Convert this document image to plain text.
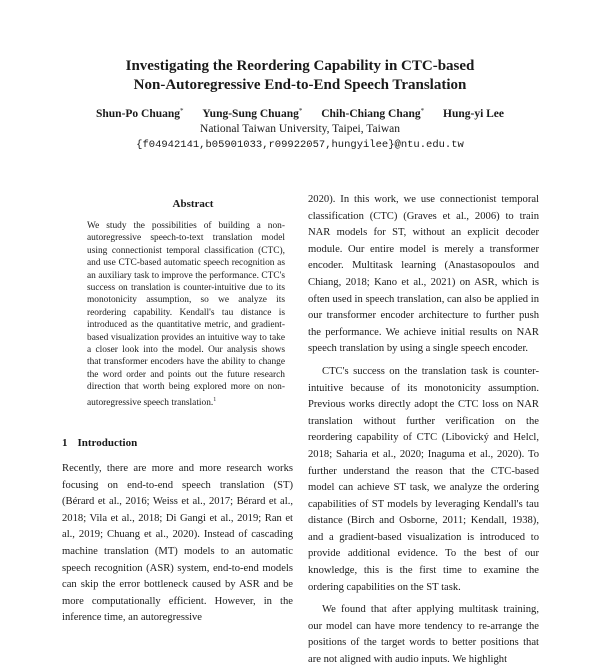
Investigating the Reordering Capability in CTC-based
Non-Autoregressive End-to-End Speech Translation
Shun-Po Chuang* Yung-Sung Chuang* Chih-Chiang Chang* Hung-yi Lee
National Taiwan University, Taipei, Taiwan
{f04942141,b05901033,r09922057,hungyilee}@ntu.edu.tw
Abstract
We study the possibilities of building a non-autoregressive speech-to-text translation model using connectionist temporal classification (CTC), and use CTC-based automatic speech recognition as an auxiliary task to improve the performance. CTC's success on translation is counter-intuitive due to its monotonicity assumption, so we analyze its reordering capability. Kendall's tau distance is introduced as the quantitative metric, and gradient-based visualization provides an intuitive way to take a closer look into the model. Our analysis shows that transformer encoders have the ability to change the word order and points out the future research direction that worth being explored more on non-autoregressive speech translation.$^1$
1 Introduction

Recently, there are more and more research works focusing on end-to-end speech translation (ST) (Bérard et al., 2016; Weiss et al., 2017; Bérard et al., 2018; Vila et al., 2018; Di Gangi et al., 2019; Ran et al., 2019; Chuang et al., 2020). Instead of cascading machine translation (MT) models to an automatic speech recognition (ASR) system, end-to-end models can skip the error bottleneck caused by ASR and be more computationally efficient. However, in the inference time, an autoregressive

2020). In this work, we use connectionist temporal classification (CTC) (Graves et al., 2006) to train NAR models for ST, without an explicit decoder module. Our entire model is merely a transformer encoder. Multitask learning (Anastasopoulos and Chiang, 2018; Kano et al., 2021) on ASR, which is often used in speech translation, can also be applied in our transformer encoder architecture to further push the performance. We achieve initial results on NAR speech translation by using a single speech encoder.

CTC's success on the translation task is counter-intuitive because of its monotonicity assumption. Previous works directly adopt the CTC loss on NAR translation without further verification on the reordering capability of CTC (Libovický and Helcl, 2018; Saharia et al., 2020; Inaguma et al., 2020). To further understand the reason that the CTC-based model can achieve ST task, we analyze the ordering capabilities of ST models by leveraging Kendall's tau distance (Birch and Osborne, 2011; Kendall, 1938), and a gradient-based visualization is introduced to provide additional evidence. To the best of our knowledge, this is the first time to examine the ordering capabilities on the ST task.

We found that after applying multitask training, our model can have more tendency to re-arrange the positions of the target words to better positions that are not aligned with audio inputs. We highlight
